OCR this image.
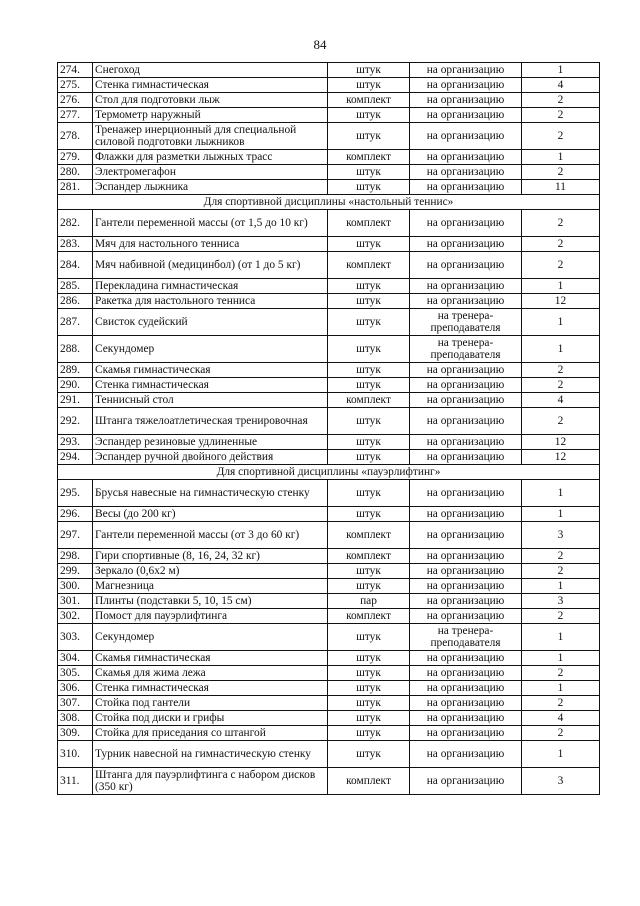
84
274.	Снегоход	штук	на организацию	1
275.	Стенка гимнастическая	штук	на организацию	4
276.	Стол для подготовки лыж	комплект	на организацию	2
277.	Термометр наружный	штук	на организацию	2
278.	Тренажер инерционный для специальной силовой подготовки лыжников	штук	на организацию	2
279.	Флажки для разметки лыжных трасс	комплект	на организацию	1
280.	Электромегафон	штук	на организацию	2
281.	Эспандер лыжника	штук	на организацию	11
Для спортивной дисциплины «настольный теннис»				
282.	Гантели переменной массы (от 1,5 до 10 кг)	комплект	на организацию	2
283.	Мяч для настольного тенниса	штук	на организацию	2
284.	Мяч набивной (медицинбол) (от 1 до 5 кг)	комплект	на организацию	2
285.	Перекладина гимнастическая	штук	на организацию	1
286.	Ракетка для настольного тенниса	штук	на организацию	12
287.	Свисток судейский	штук	на тренера-преподавателя	1
288.	Секундомер	штук	на тренера-преподавателя	1
289.	Скамья гимнастическая	штук	на организацию	2
290.	Стенка гимнастическая	штук	на организацию	2
291.	Теннисный стол	комплект	на организацию	4
292.	Штанга тяжелоатлетическая тренировочная	штук	на организацию	2
293.	Эспандер резиновые удлиненные	штук	на организацию	12
294.	Эспандер ручной двойного действия	штук	на организацию	12
Для спортивной дисциплины «пауэрлифтинг»				
295.	Брусья навесные на гимнастическую стенку	штук	на организацию	1
296.	Весы (до 200 кг)	штук	на организацию	1
297.	Гантели переменной массы (от 3 до 60 кг)	комплект	на организацию	3
298.	Гири спортивные (8, 16, 24, 32 кг)	комплект	на организацию	2
299.	Зеркало (0,6х2 м)	штук	на организацию	2
300.	Магнезница	штук	на организацию	1
301.	Плинты (подставки 5, 10, 15 см)	пар	на организацию	3
302.	Помост для пауэрлифтинга	комплект	на организацию	2
303.	Секундомер	штук	на тренера-преподавателя	1
304.	Скамья гимнастическая	штук	на организацию	1
305.	Скамья для жима лежа	штук	на организацию	2
306.	Стенка гимнастическая	штук	на организацию	1
307.	Стойка под гантели	штук	на организацию	2
308.	Стойка под диски и грифы	штук	на организацию	4
309.	Стойка для приседания со штангой	штук	на организацию	2
310.	Турник навесной на гимнастическую стенку	штук	на организацию	1
311.	Штанга для пауэрлифтинга с набором дисков (350 кг)	комплект	на организацию	3
